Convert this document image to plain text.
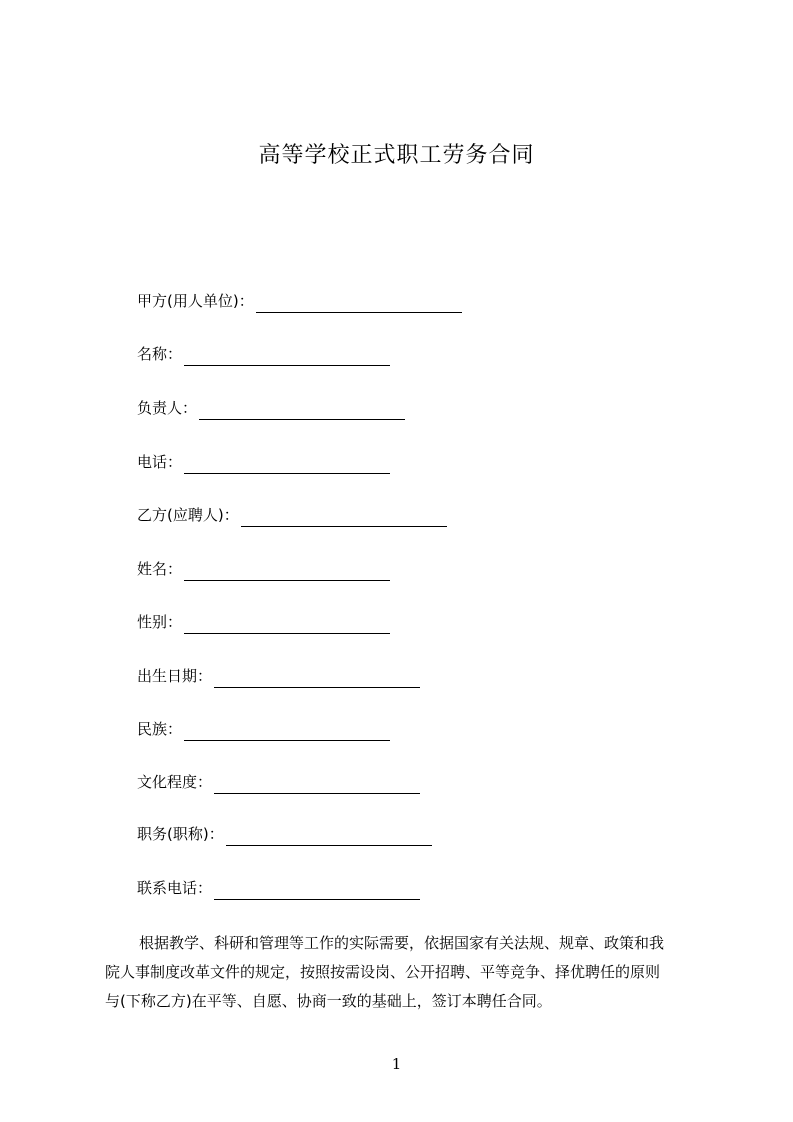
高等学校正式职工劳务合同
甲方(用人单位)：
名称：
负责人：
电话：
乙方(应聘人)：
姓名：
性别：
出生日期：
民族：
文化程度：
职务(职称)：
联系电话：

根据教学、科研和管理等工作的实际需要，依据国家有关法规、规章、政策和我

院人事制度改革文件的规定，按照按需设岗、公开招聘、平等竞争、择优聘任的原则

与(下称乙方)在平等、自愿、协商一致的基础上，签订本聘任合同。

1
